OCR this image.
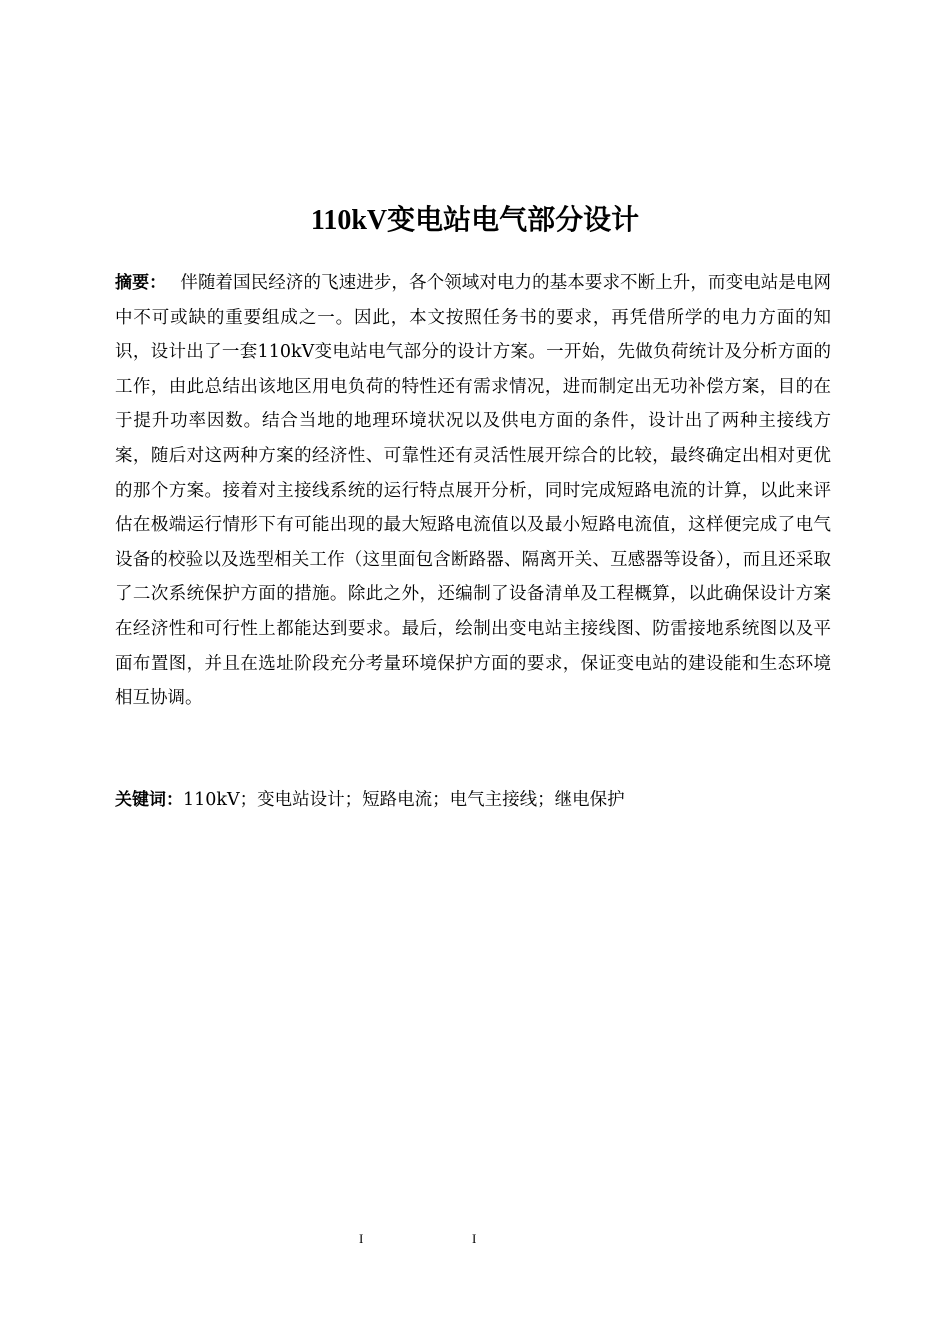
110kV变电站电气部分设计

摘要： 伴随着国民经济的飞速进步，各个领域对电力的基本要求不断上升，而变电站是电网中不可或缺的重要组成之一。因此，本文按照任务书的要求，再凭借所学的电力方面的知识，设计出了一套110kV变电站电气部分的设计方案。一开始，先做负荷统计及分析方面的工作，由此总结出该地区用电负荷的特性还有需求情况，进而制定出无功补偿方案，目的在于提升功率因数。结合当地的地理环境状况以及供电方面的条件，设计出了两种主接线方案，随后对这两种方案的经济性、可靠性还有灵活性展开综合的比较，最终确定出相对更优的那个方案。接着对主接线系统的运行特点展开分析，同时完成短路电流的计算，以此来评估在极端运行情形下有可能出现的最大短路电流值以及最小短路电流值，这样便完成了电气设备的校验以及选型相关工作（这里面包含断路器、隔离开关、互感器等设备），而且还采取了二次系统保护方面的措施。除此之外，还编制了设备清单及工程概算，以此确保设计方案在经济性和可行性上都能达到要求。最后，绘制出变电站主接线图、防雷接地系统图以及平面布置图，并且在选址阶段充分考量环境保护方面的要求，保证变电站的建设能和生态环境相互协调。

关键词：110kV；变电站设计；短路电流；电气主接线；继电保护

I	I
